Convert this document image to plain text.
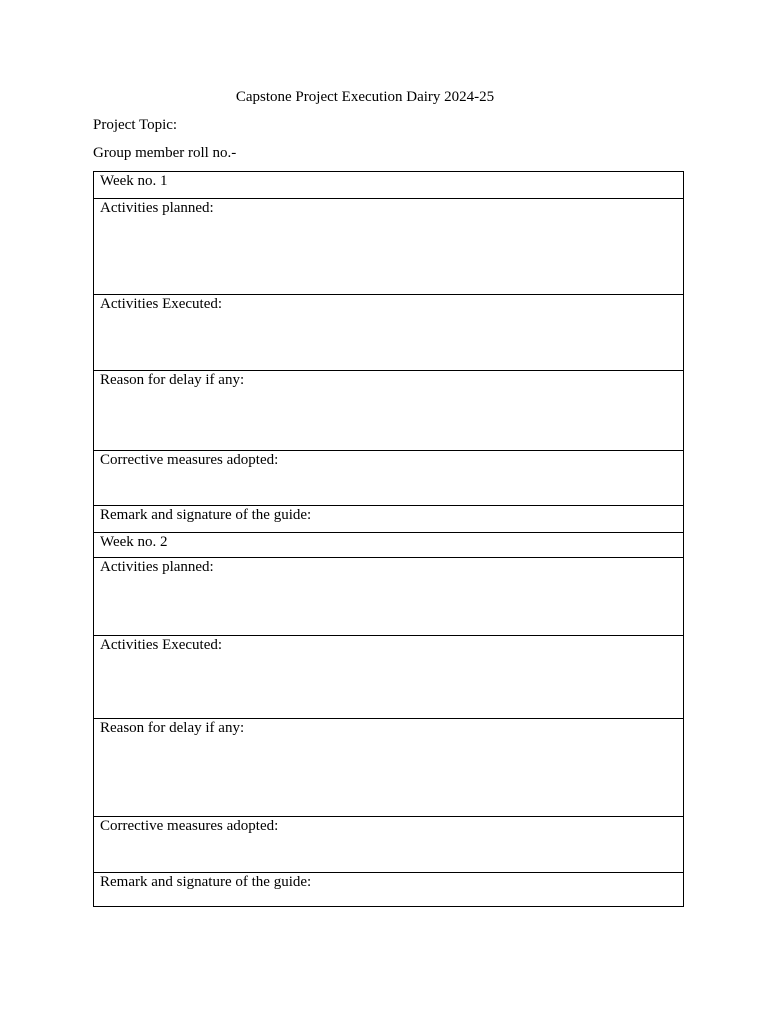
Capstone Project Execution Dairy 2024-25
Project Topic:
Group member roll no.-
Week no. 1
Activities planned:
Activities Executed:
Reason for delay if any:
Corrective measures adopted:
Remark and signature of the guide:
Week no. 2
Activities planned:
Activities Executed:
Reason for delay if any:
Corrective measures adopted:
Remark and signature of the guide:
